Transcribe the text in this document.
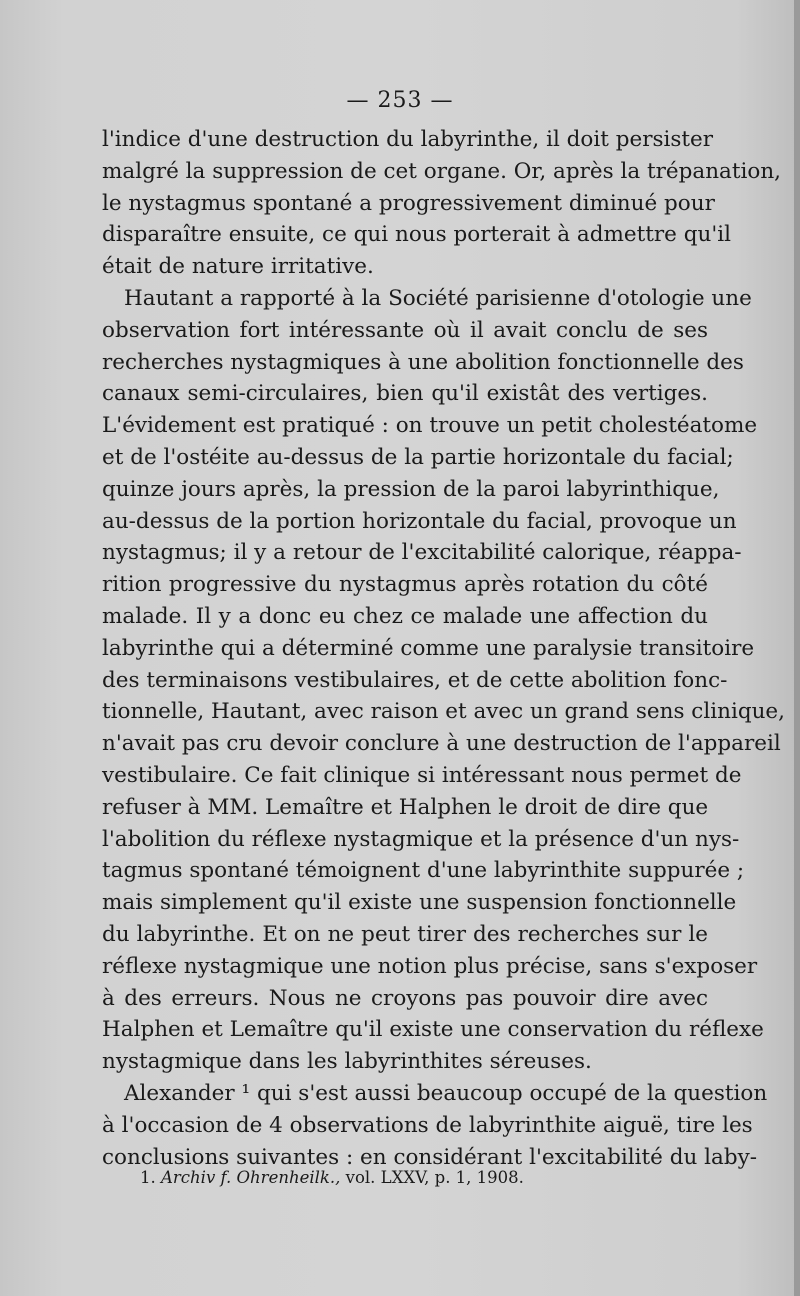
— 253 —
l'indice d'une destruction du labyrinthe, il doit persister
malgré la suppression de cet organe. Or, après la trépanation,
le nystagmus spontané a progressivement diminué pour
disparaître ensuite, ce qui nous porterait à admettre qu'il
était de nature irritative.
Hautant a rapporté à la Société parisienne d'otologie une
observation fort intéressante où il avait conclu de ses
recherches nystagmiques à une abolition fonctionnelle des
canaux semi-circulaires, bien qu'il existât des vertiges.
L'évidement est pratiqué : on trouve un petit cholestéatome
et de l'ostéite au-dessus de la partie horizontale du facial;
quinze jours après, la pression de la paroi labyrinthique,
au-dessus de la portion horizontale du facial, provoque un
nystagmus; il y a retour de l'excitabilité calorique, réappa-
rition progressive du nystagmus après rotation du côté
malade. Il y a donc eu chez ce malade une affection du
labyrinthe qui a déterminé comme une paralysie transitoire
des terminaisons vestibulaires, et de cette abolition fonc-
tionnelle, Hautant, avec raison et avec un grand sens clinique,
n'avait pas cru devoir conclure à une destruction de l'appareil
vestibulaire. Ce fait clinique si intéressant nous permet de
refuser à MM. Lemaître et Halphen le droit de dire que
l'abolition du réflexe nystagmique et la présence d'un nys-
tagmus spontané témoignent d'une labyrinthite suppurée ;
mais simplement qu'il existe une suspension fonctionnelle
du labyrinthe. Et on ne peut tirer des recherches sur le
réflexe nystagmique une notion plus précise, sans s'exposer
à des erreurs. Nous ne croyons pas pouvoir dire avec
Halphen et Lemaître qu'il existe une conservation du réflexe
nystagmique dans les labyrinthites séreuses.
Alexander ¹ qui s'est aussi beaucoup occupé de la question
à l'occasion de 4 observations de labyrinthite aiguë, tire les
conclusions suivantes : en considérant l'excitabilité du laby-
1. Archiv f. Ohrenheilk., vol. LXXV, p. 1, 1908.
